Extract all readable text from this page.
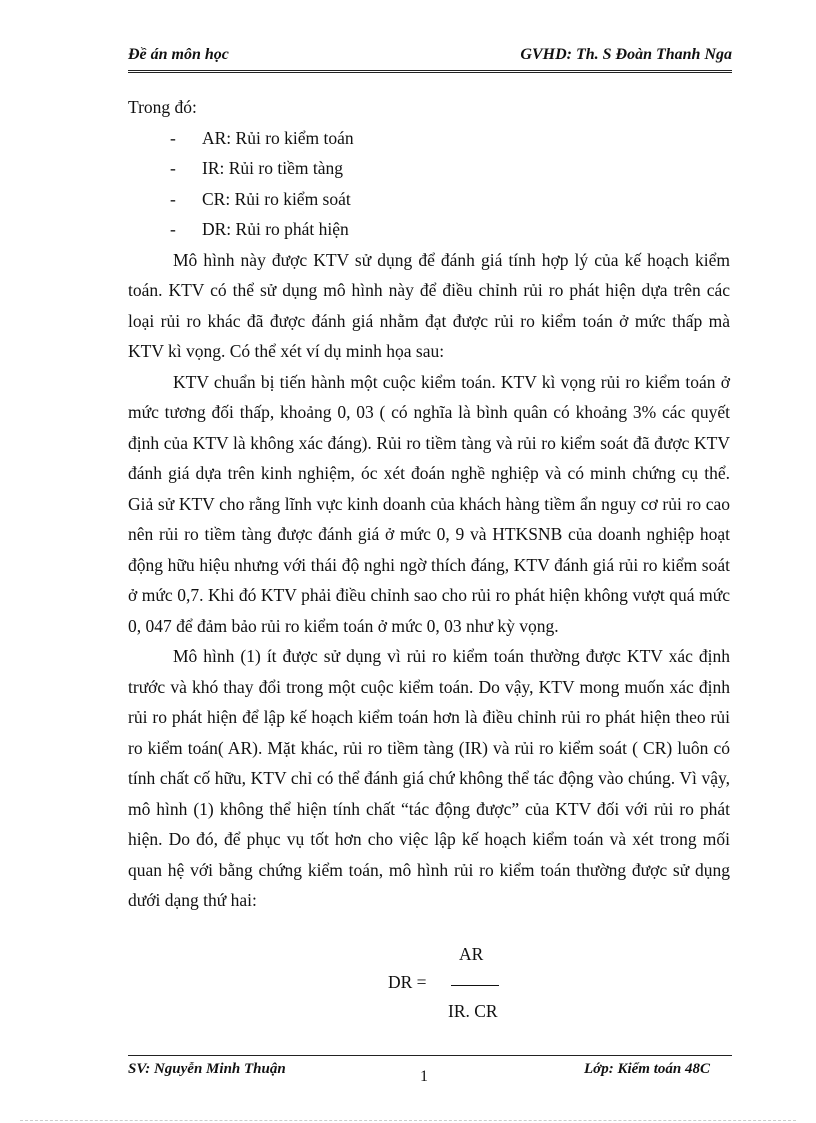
Đề án môn học	GVHD: Th. S Đoàn Thanh Nga

Trong đó:

- AR: Rủi ro kiểm toán
- IR: Rủi ro tiềm tàng
- CR: Rủi ro kiểm soát
- DR: Rủi ro phát hiện

Mô hình này được KTV sử dụng để đánh giá tính hợp lý của kế hoạch kiểm toán. KTV có thể sử dụng mô hình này để điều chỉnh rủi ro phát hiện dựa trên các loại rủi ro khác đã được đánh giá nhằm đạt được rủi ro kiểm toán ở mức thấp mà KTV kì vọng. Có thể xét ví dụ minh họa sau:

KTV chuẩn bị tiến hành một cuộc kiểm toán. KTV kì vọng rủi ro kiểm toán ở mức tương đối thấp, khoảng 0, 03 ( có nghĩa là bình quân có khoảng 3% các quyết định của KTV là không xác đáng). Rủi ro tiềm tàng và rủi ro kiểm soát đã được KTV đánh giá dựa trên kinh nghiệm, óc xét đoán nghề nghiệp và có minh chứng cụ thể. Giả sử KTV cho rằng lĩnh vực kinh doanh của khách hàng tiềm ẩn nguy cơ rủi ro cao nên rủi ro tiềm tàng được đánh giá ở mức 0, 9 và HTKSNB của doanh nghiệp hoạt động hữu hiệu nhưng với thái độ nghi ngờ thích đáng, KTV đánh giá rủi ro kiểm soát ở mức 0,7. Khi đó KTV phải điều chỉnh sao cho rủi ro phát hiện không vượt quá mức 0, 047 để đảm bảo rủi ro kiểm toán ở mức 0, 03 như kỳ vọng.

Mô hình (1) ít được sử dụng vì rủi ro kiểm toán thường được KTV xác định trước và khó thay đổi trong một cuộc kiểm toán. Do vậy, KTV mong muốn xác định rủi ro phát hiện để lập kế hoạch kiểm toán hơn là điều chỉnh rủi ro phát hiện theo rủi ro kiểm toán( AR). Mặt khác, rủi ro tiềm tàng (IR) và rủi ro kiểm soát ( CR) luôn có tính chất cố hữu, KTV chỉ có thể đánh giá chứ không thể tác động vào chúng. Vì vậy, mô hình (1) không thể hiện tính chất “tác động được” của KTV đối với rủi ro phát hiện. Do đó, để phục vụ tốt hơn cho việc lập kế hoạch kiểm toán và xét trong mối quan hệ với bằng chứng kiểm toán, mô hình rủi ro kiểm toán thường được sử dụng dưới dạng thứ hai:

DR =
AR
IR. CR
SV: Nguyễn Minh Thuận	Lớp: Kiểm toán 48C
1
